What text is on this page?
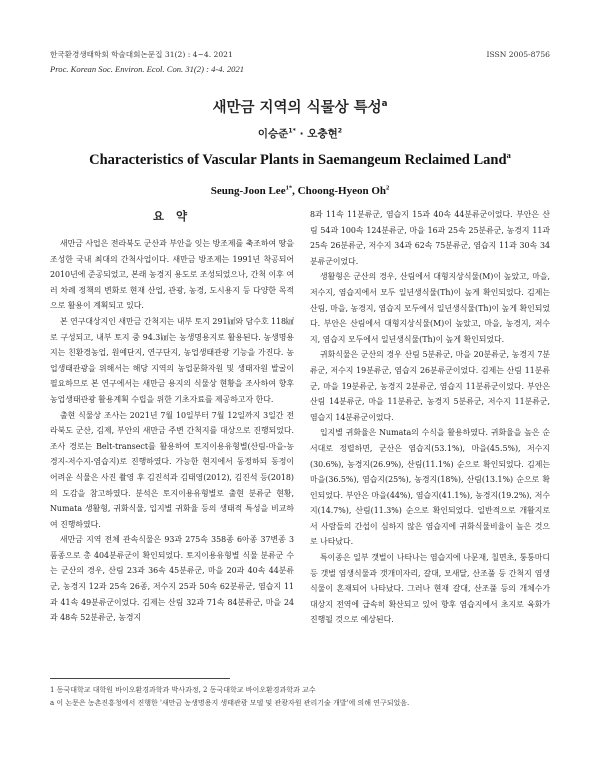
한국환경생태학회 학술대회논문집 31(2) : 4~4. 2021	ISSN 2005-8756
Proc. Korean Soc. Environ. Ecol. Con. 31(2) : 4-4. 2021
새만금 지역의 식물상 특성$^a$
이승준$^{1*}$ · 오충현$^2$
Characteristics of Vascular Plants in Saemangeum Reclaimed Land$^a$
Seung-Joon Lee$^{1*}$, Choong-Hyeon Oh$^2$
요 약

새만금 사업은 전라북도 군산과 부안을 잇는 방조제를 축조하여 땅을 조성한 국내 최대의 간척사업이다. 새만금 방조제는 1991년 착공되어 2010년에 준공되었고, 본래 농경지 용도로 조성되었으나, 간척 이후 여러 차례 정책의 변화로 현재 산업, 관광, 농경, 도시용지 등 다양한 목적으로 활용이 계획되고 있다.

본 연구대상지인 새만금 간척지는 내부 토지 291㎢와 담수호 118㎢로 구성되고, 내부 토지 중 94.3㎢는 농생명용지로 활용된다. 농생명용지는 친환경농업, 원예단지, 연구단지, 농업생태관광 기능을 가진다. 농업생태관광을 위해서는 해당 지역의 농업문화자원 및 생태자원 발굴이 필요하므로 본 연구에서는 새만금 용지의 식물상 현황을 조사하여 향후 농업생태관광 활용계획 수립을 위한 기초자료를 제공하고자 한다.

출현 식물상 조사는 2021년 7월 10일부터 7월 12일까지 3일간 전라북도 군산, 김제, 부안의 새만금 주변 간척지를 대상으로 진행되었다. 조사 경로는 Belt-transect를 활용하여 토지이용유형별(산림-마을-농경지-저수지-염습지)로 진행하였다. 가능한 현지에서 동정하되 동정이 어려운 식물은 사진 촬영 후 김진석과 김태영(2012), 김진석 등(2018)의 도감을 참고하였다. 분석은 토지이용유형별로 출현 분류군 현황, Numata 생활형, 귀화식물, 입지별 귀화율 등의 생태적 특성을 비교하여 진행하였다.

새만금 지역 전체 관속식물은 93과 275속 358종 6아종 37변종 3품종으로 총 404분류군이 확인되었다. 토지이용유형별 식물 분류군 수는 군산의 경우, 산림 23과 36속 45분류군, 마을 20과 40속 44분류군, 농경지 12과 25속 26종, 저수지 25과 50속 62분류군, 염습지 11과 41속 49분류군이었다. 김제는 산림 32과 71속 84분류군, 마을 24과 48속 52분류군, 농경지

8과 11속 11분류군, 염습지 15과 40속 44분류군이었다. 부안은 산림 54과 100속 124분류군, 마을 16과 25속 25분류군, 농경지 11과 25속 26분류군, 저수지 34과 62속 75분류군, 염습지 11과 30속 34분류군이었다.

생활형은 군산의 경우, 산림에서 대형지상식물(M)이 높았고, 마을, 저수지, 염습지에서 모두 일년생식물(Th)이 높게 확인되었다. 김제는 산림, 마을, 농경지, 염습지 모두에서 일년생식물(Th)이 높게 확인되었다. 부안은 산림에서 대형지상식물(M)이 높았고, 마을, 농경지, 저수지, 염습지 모두에서 일년생식물(Th)이 높게 확인되었다.

귀화식물은 군산의 경우 산림 5분류군, 마을 20분류군, 농경지 7분류군, 저수지 19분류군, 염습지 26분류군이었다. 김제는 산림 11분류군, 마을 19분류군, 농경지 2분류군, 염습지 11분류군이었다. 부안은 산림 14분류군, 마을 11분류군, 농경지 5분류군, 저수지 11분류군, 염습지 14분류군이었다.

입지별 귀화율은 Numata의 수식을 활용하였다. 귀화율을 높은 순서대로 정렬하면, 군산은 염습지(53.1%), 마을(45.5%), 저수지(30.6%), 농경지(26.9%), 산림(11.1%) 순으로 확인되었다. 김제는 마을(36.5%), 염습지(25%), 농경지(18%), 산림(13.1%) 순으로 확인되었다. 부안은 마을(44%), 염습지(41.1%), 농경지(19.2%), 저수지(14.7%), 산림(11.3%) 순으로 확인되었다. 일반적으로 개활지로서 사람들의 간섭이 심하지 않은 염습지에 귀화식물비율이 높은 것으로 나타났다.

특이종은 일부 갯벌이 나타나는 염습지에 나문재, 칠면초, 퉁퉁마디 등 갯벌 염생식물과 갯개미자리, 갈대, 모새달, 산조풀 등 간척지 염생식물이 혼재되어 나타났다. 그러나 현재 갈대, 산조풀 등의 개체수가 대상지 전역에 급속히 확산되고 있어 향후 염습지에서 초지로 육화가 진행될 것으로 예상된다.

1 동국대학교 대학원 바이오환경과학과 박사과정, 2 동국대학교 바이오환경과학과 교수
a 이 논문은 농촌진흥청에서 진행한 '새만금 농생명용지 생태관광 모델 및 관광자원 관리기술 개발'에 의해 연구되었음.
